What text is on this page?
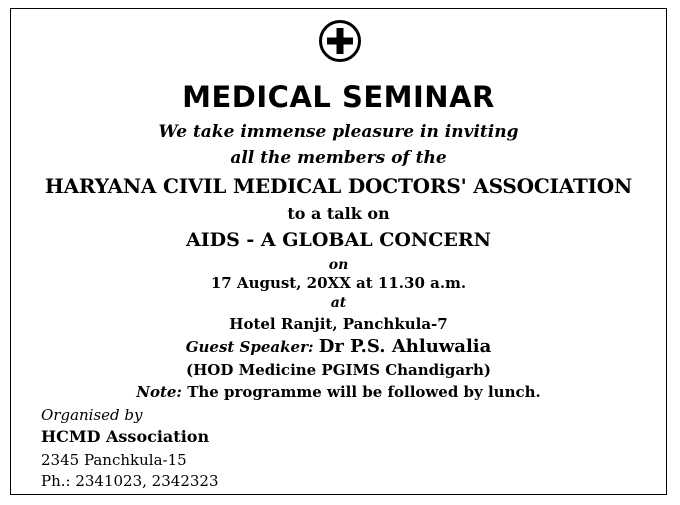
MEDICAL SEMINAR
We take immense pleasure in inviting
all the members of the
HARYANA CIVIL MEDICAL DOCTORS' ASSOCIATION
to a talk on
AIDS - A GLOBAL CONCERN
on
17 August, 20XX at 11.30 a.m.
at
Hotel Ranjit, Panchkula-7
Guest Speaker: Dr P.S. Ahluwalia
(HOD Medicine PGIMS Chandigarh)
Note: The programme will be followed by lunch.
Organised by
HCMD Association
2345 Panchkula-15
Ph.: 2341023, 2342323
